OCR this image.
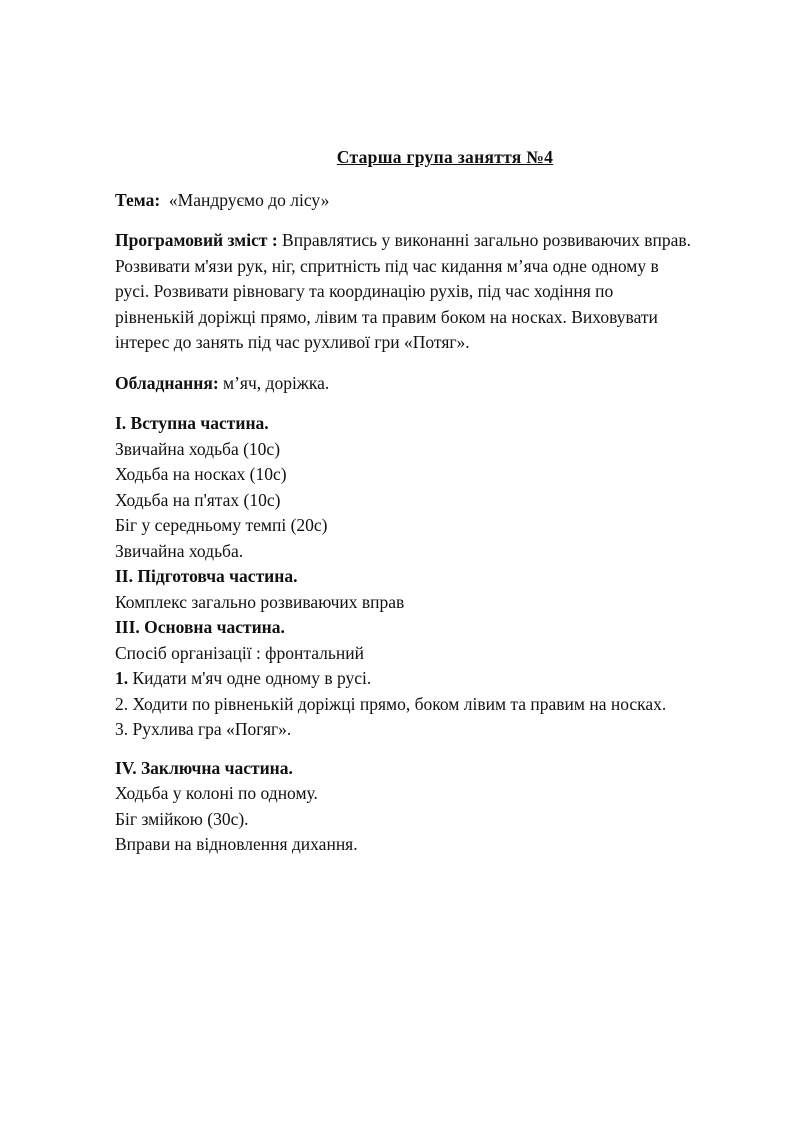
Старша група заняття №4
Тема: «Мандруємо до лісу»
Програмовий зміст : Вправлятись у виконанні загально розвиваючих вправ.
Розвивати м'язи рук, ніг, спритність під час кидання м’яча одне одному в
русі. Розвивати рівновагу та координацію рухів, під час ходіння по
рівненькій доріжці прямо, лівим та правим боком на носках. Виховувати
інтерес до занять під час рухливої гри «Потяг».
Обладнання: м’яч, доріжка.
І. Вступна частина.
Звичайна ходьба (10с)
Ходьба на носках (10с)
Ходьба на п'ятах (10с)
Біг у середньому темпі (20с)
Звичайна ходьба.
ІІ. Підготовча частина.
Комплекс загально розвиваючих вправ
ІІІ. Основна частина.
Спосіб організації : фронтальний
1. Кидати м'яч одне одному в русі.
2. Ходити по рівненькій доріжці прямо, боком лівим та правим на носках.
3. Рухлива гра «Погяг».
ІV. Заключна частина.
Ходьба у колоні по одному.
Біг змійкою (30с).
Вправи на відновлення дихання.
